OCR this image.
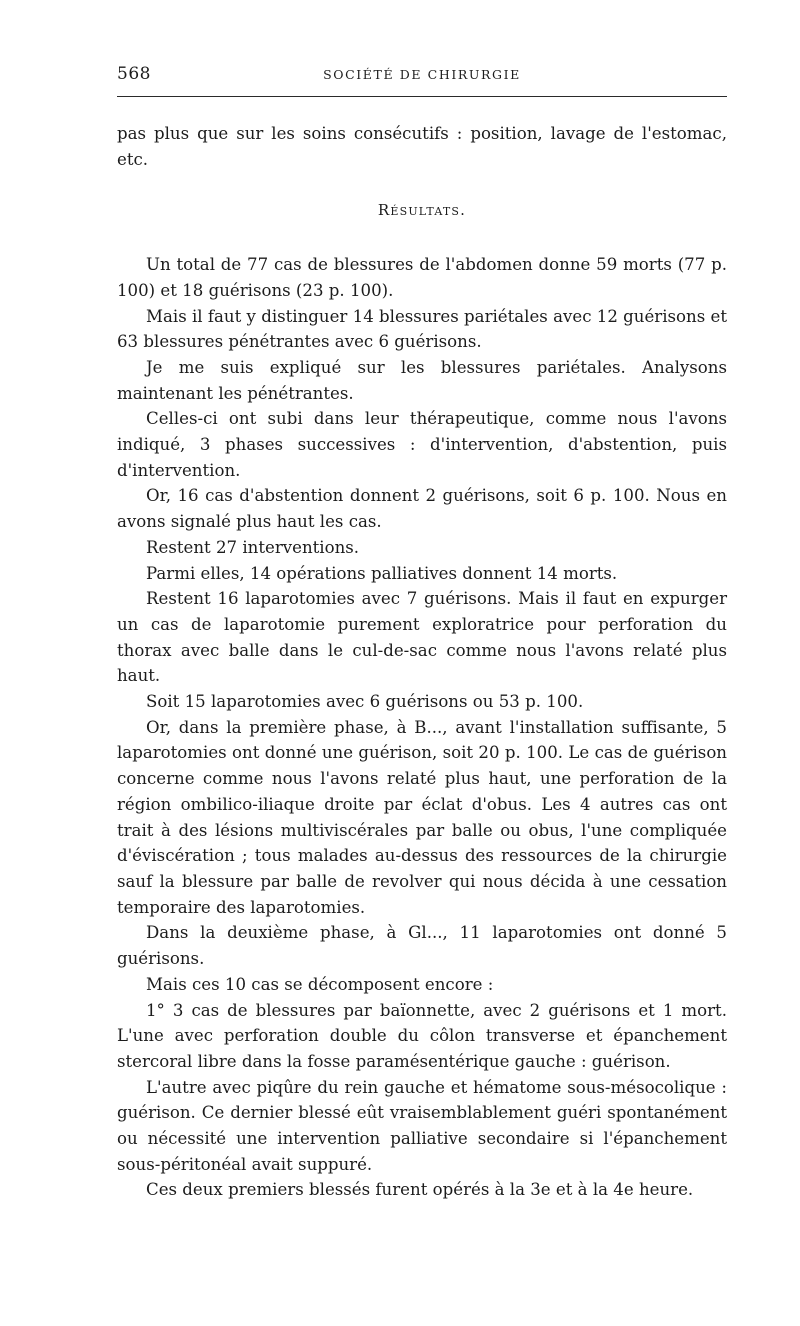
568	SOCIÉTÉ DE CHIRURGIE

pas plus que sur les soins consécutifs : position, lavage de l'estomac, etc.

Résultats.

Un total de 77 cas de blessures de l'abdomen donne 59 morts (77 p. 100) et 18 guérisons (23 p. 100).

Mais il faut y distinguer 14 blessures pariétales avec 12 guérisons et 63 blessures pénétrantes avec 6 guérisons.

Je me suis expliqué sur les blessures pariétales. Analysons maintenant les pénétrantes.

Celles-ci ont subi dans leur thérapeutique, comme nous l'avons indiqué, 3 phases successives : d'intervention, d'abstention, puis d'intervention.

Or, 16 cas d'abstention donnent 2 guérisons, soit 6 p. 100. Nous en avons signalé plus haut les cas.

Restent 27 interventions.

Parmi elles, 14 opérations palliatives donnent 14 morts.

Restent 16 laparotomies avec 7 guérisons. Mais il faut en expurger un cas de laparotomie purement exploratrice pour perforation du thorax avec balle dans le cul-de-sac comme nous l'avons relaté plus haut.

Soit 15 laparotomies avec 6 guérisons ou 53 p. 100.

Or, dans la première phase, à B..., avant l'installation suffisante, 5 laparotomies ont donné une guérison, soit 20 p. 100. Le cas de guérison concerne comme nous l'avons relaté plus haut, une perforation de la région ombilico-iliaque droite par éclat d'obus. Les 4 autres cas ont trait à des lésions multiviscérales par balle ou obus, l'une compliquée d'éviscération ; tous malades au-dessus des ressources de la chirurgie sauf la blessure par balle de revolver qui nous décida à une cessation temporaire des laparotomies.

Dans la deuxième phase, à Gl..., 11 laparotomies ont donné 5 guérisons.

Mais ces 10 cas se décomposent encore :

1° 3 cas de blessures par baïonnette, avec 2 guérisons et 1 mort. L'une avec perforation double du côlon transverse et épanchement stercoral libre dans la fosse paramésentérique gauche : guérison.

L'autre avec piqûre du rein gauche et hématome sous-mésocolique : guérison. Ce dernier blessé eût vraisemblablement guéri spontanément ou nécessité une intervention palliative secondaire si l'épanchement sous-péritonéal avait suppuré.

Ces deux premiers blessés furent opérés à la 3e et à la 4e heure.
